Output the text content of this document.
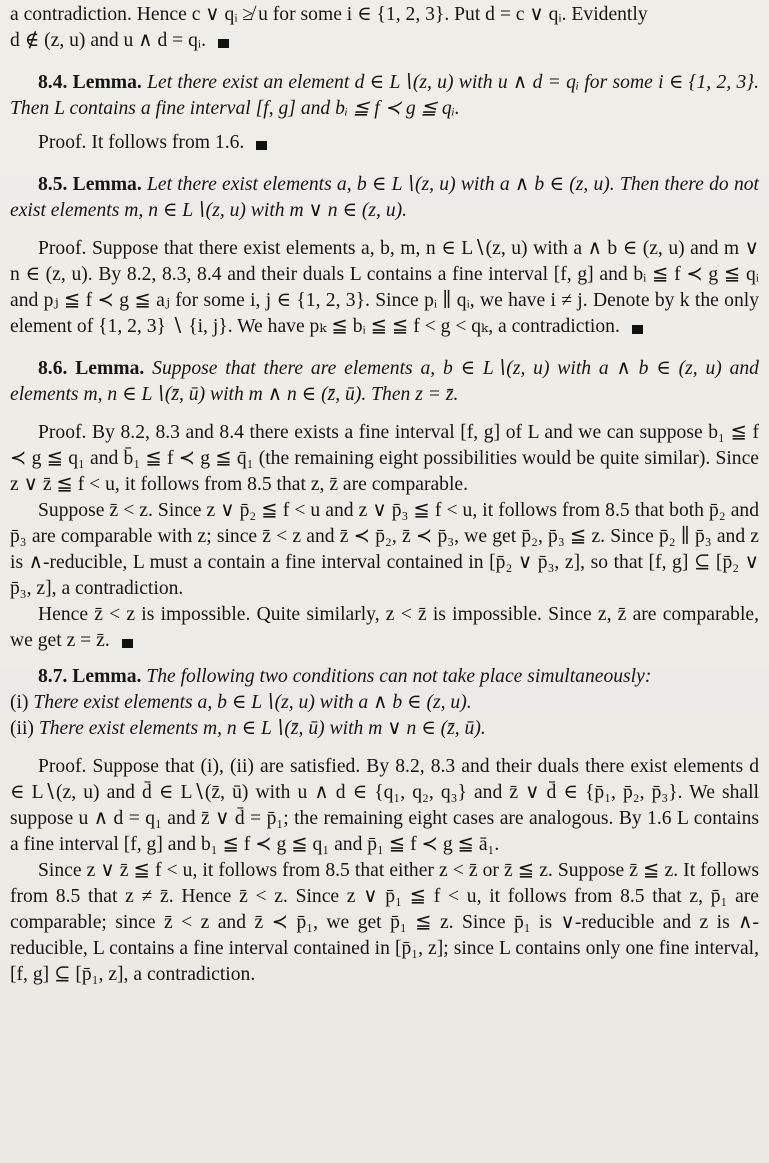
a contradiction. Hence c ∨ qᵢ ≱ u for some i ∈ {1, 2, 3}. Put d = c ∨ qᵢ. Evidently
d ∉ (z, u) and u ∧ d = qᵢ.

8.4. Lemma. Let there exist an element d ∈ L∖(z, u) with u ∧ d = qᵢ for some i ∈ {1, 2, 3}. Then L contains a fine interval [f, g] and bᵢ ≦ f ≺ g ≦ qᵢ.

Proof. It follows from 1.6.

8.5. Lemma. Let there exist elements a, b ∈ L∖(z, u) with a ∧ b ∈ (z, u). Then there do not exist elements m, n ∈ L∖(z, u) with m ∨ n ∈ (z, u).

Proof. Suppose that there exist elements a, b, m, n ∈ L∖(z, u) with a ∧ b ∈ (z, u) and m ∨ n ∈ (z, u). By 8.2, 8.3, 8.4 and their duals L contains a fine interval [f, g] and bᵢ ≦ f ≺ g ≦ qᵢ and pⱼ ≦ f ≺ g ≦ aⱼ for some i, j ∈ {1, 2, 3}. Since pᵢ ∥ qᵢ, we have i ≠ j. Denote by k the only element of {1, 2, 3} ∖ {i, j}. We have pₖ ≦ bᵢ ≦ ≦ f < g < qₖ, a contradiction.

8.6. Lemma. Suppose that there are elements a, b ∈ L∖(z, u) with a ∧ b ∈ (z, u) and elements m, n ∈ L∖(z̄, ū) with m ∧ n ∈ (z̄, ū). Then z = z̄.

Proof. By 8.2, 8.3 and 8.4 there exists a fine interval [f, g] of L and we can suppose b₁ ≦ f ≺ g ≦ q₁ and b̄₁ ≦ f ≺ g ≦ q̄₁ (the remaining eight possibilities would be quite similar). Since z ∨ z̄ ≦ f < u, it follows from 8.5 that z, z̄ are comparable.

Suppose z̄ < z. Since z ∨ p̄₂ ≦ f < u and z ∨ p̄₃ ≦ f < u, it follows from 8.5 that both p̄₂ and p̄₃ are comparable with z; since z̄ < z and z̄ ≺ p̄₂, z̄ ≺ p̄₃, we get p̄₂, p̄₃ ≦ z. Since p̄₂ ∥ p̄₃ and z is ∧-reducible, L must a contain a fine interval contained in [p̄₂ ∨ p̄₃, z], so that [f, g] ⊆ [p̄₂ ∨ p̄₃, z], a contradiction.

Hence z̄ < z is impossible. Quite similarly, z < z̄ is impossible. Since z, z̄ are comparable, we get z = z̄.

8.7. Lemma. The following two conditions can not take place simultaneously:

(i) There exist elements a, b ∈ L∖(z, u) with a ∧ b ∈ (z, u).

(ii) There exist elements m, n ∈ L∖(z̄, ū) with m ∨ n ∈ (z̄, ū).

Proof. Suppose that (i), (ii) are satisfied. By 8.2, 8.3 and their duals there exist elements d ∈ L∖(z, u) and d̄ ∈ L∖(z̄, ū) with u ∧ d ∈ {q₁, q₂, q₃} and z̄ ∨ d̄ ∈ {p̄₁, p̄₂, p̄₃}. We shall suppose u ∧ d = q₁ and z̄ ∨ d̄ = p̄₁; the remaining eight cases are analogous. By 1.6 L contains a fine interval [f, g] and b₁ ≦ f ≺ g ≦ q₁ and p̄₁ ≦ f ≺ g ≦ ā₁.

Since z ∨ z̄ ≦ f < u, it follows from 8.5 that either z < z̄ or z̄ ≦ z. Suppose z̄ ≦ z. It follows from 8.5 that z ≠ z̄. Hence z̄ < z. Since z ∨ p̄₁ ≦ f < u, it follows from 8.5 that z, p̄₁ are comparable; since z̄ < z and z̄ ≺ p̄₁, we get p̄₁ ≦ z. Since p̄₁ is ∨-reducible and z is ∧-reducible, L contains a fine interval contained in [p̄₁, z]; since L contains only one fine interval, [f, g] ⊆ [p̄₁, z], a contradiction.
